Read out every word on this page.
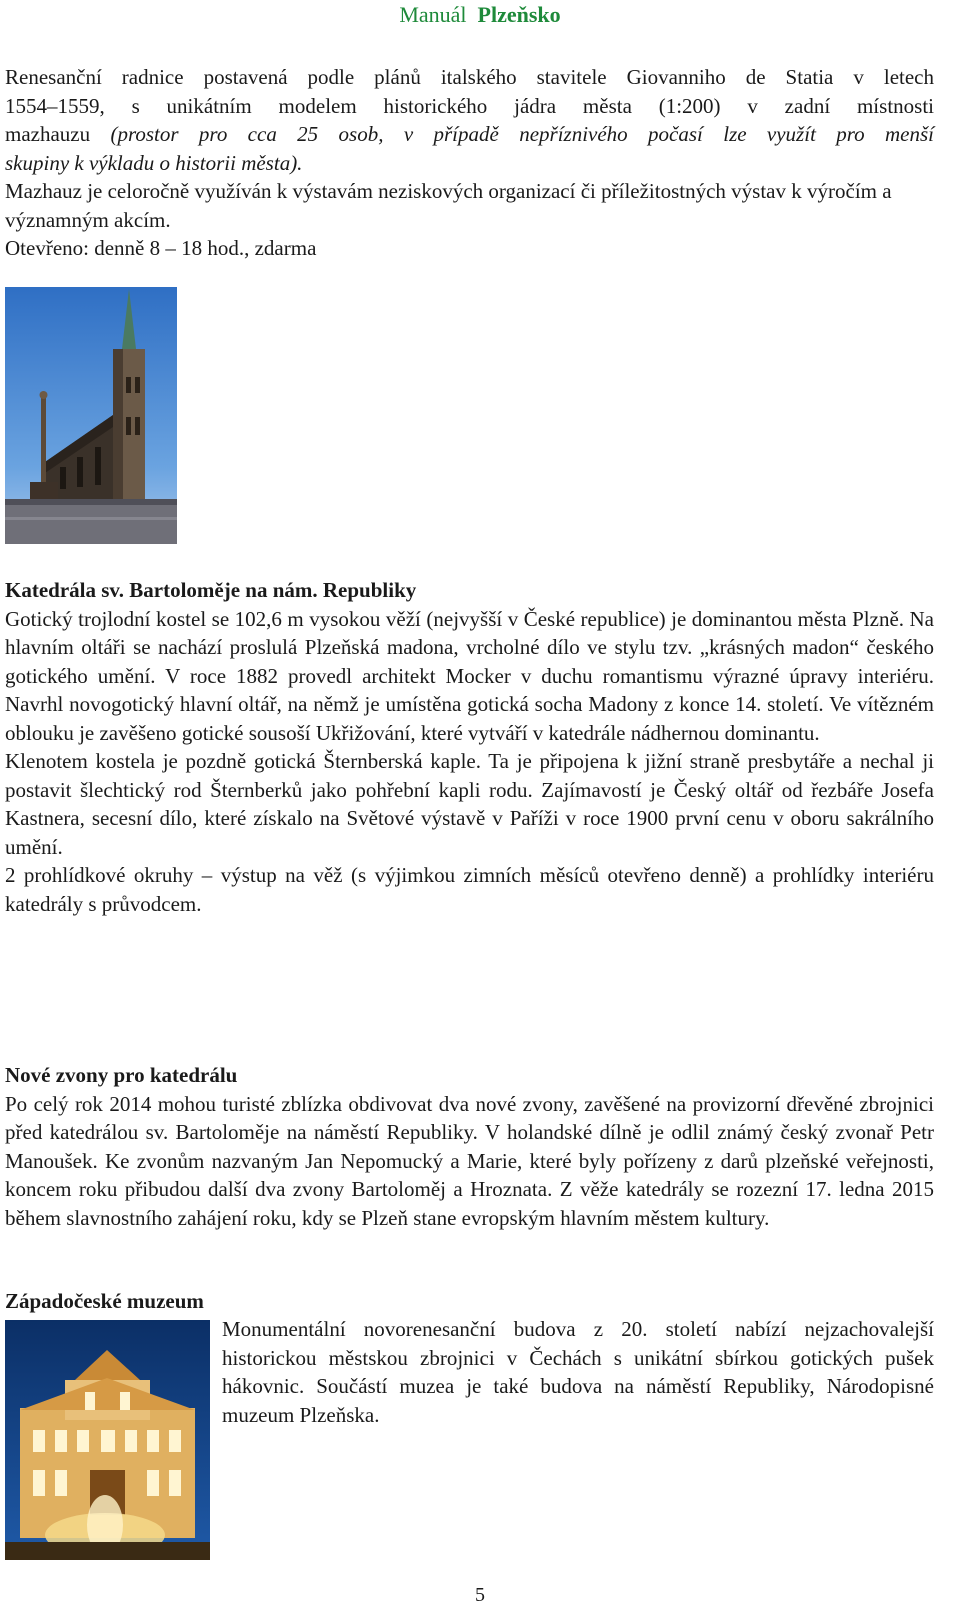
Manuál Plzeňsko

Renesanční radnice postavená podle plánů italského stavitele Giovanniho de Statia v letech

1554–1559, s unikátním modelem historického jádra města (1:200) v zadní místnosti

mazhauzu (prostor pro cca 25 osob, v případě nepříznivého počasí lze využít pro menší

skupiny k výkladu o historii města).

Mazhauz je celoročně využíván k výstavám neziskových organizací či příležitostných výstav k výročím a významným akcím.

Otevřeno: denně 8 – 18 hod., zdarma

Katedrála sv. Bartoloměje na nám. Republiky

Gotický trojlodní kostel se 102,6 m vysokou věží (nejvyšší v České republice) je dominantou města Plzně. Na hlavním oltáři se nachází proslulá Plzeňská madona, vrcholné dílo ve stylu tzv. „krásných madon“ českého gotického umění. V roce 1882 provedl architekt Mocker v duchu romantismu výrazné úpravy interiéru. Navrhl novogotický hlavní oltář, na němž je umístěna gotická socha Madony z konce 14. století. Ve vítězném oblouku je zavěšeno gotické sousoší Ukřižování, které vytváří v katedrále nádhernou dominantu.

Klenotem kostela je pozdně gotická Šternberská kaple. Ta je připojena k jižní straně presbytáře a nechal ji postavit šlechtický rod Šternberků jako pohřební kapli rodu. Zajímavostí je Český oltář od řezbáře Josefa Kastnera, secesní dílo, které získalo na Světové výstavě v Paříži v roce 1900 první cenu v oboru sakrálního umění.

2 prohlídkové okruhy – výstup na věž (s výjimkou zimních měsíců otevřeno denně) a prohlídky interiéru katedrály s průvodcem.

Nové zvony pro katedrálu

Po celý rok 2014 mohou turisté zblízka obdivovat dva nové zvony, zavěšené na provizorní dřevěné zbrojnici před katedrálou sv. Bartoloměje na náměstí Republiky. V holandské dílně je odlil známý český zvonař Petr Manoušek. Ke zvonům nazvaným Jan Nepomucký a Marie, které byly pořízeny z darů plzeňské veřejnosti, koncem roku přibudou další dva zvony Bartoloměj a Hroznata. Z věže katedrály se rozezní 17. ledna 2015 během slavnostního zahájení roku, kdy se Plzeň stane evropským hlavním městem kultury.

Západočeské muzeum

Monumentální novorenesanční budova z 20. století nabízí nejzachovalejší historickou městskou zbrojnici v Čechách s unikátní sbírkou gotických pušek hákovnic. Součástí muzea je také budova na náměstí Republiky, Národopisné muzeum Plzeňska.

5
